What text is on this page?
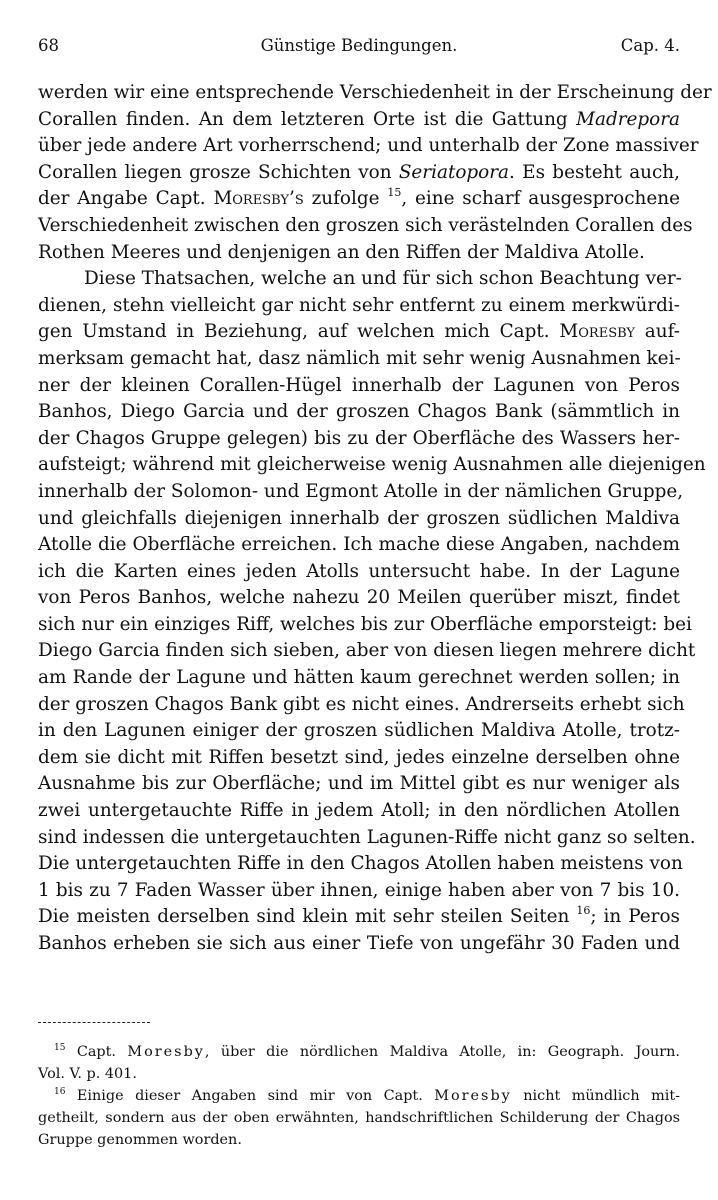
68	Günstige Bedingungen.	Cap. 4.
werden wir eine entsprechende Verschiedenheit in der Erscheinung der
Corallen finden. An dem letzteren Orte ist die Gattung Madrepora
über jede andere Art vorherrschend; und unterhalb der Zone massiver
Corallen liegen grosze Schichten von Seriatopora. Es besteht auch,
der Angabe Capt. Moresby’s zufolge $^{15}$, eine scharf ausgesprochene
Verschiedenheit zwischen den groszen sich verästelnden Corallen des
Rothen Meeres und denjenigen an den Riffen der Maldiva Atolle.
Diese Thatsachen, welche an und für sich schon Beachtung ver-
dienen, stehn vielleicht gar nicht sehr entfernt zu einem merkwürdi-
gen Umstand in Beziehung, auf welchen mich Capt. Moresby auf-
merksam gemacht hat, dasz nämlich mit sehr wenig Ausnahmen kei-
ner der kleinen Corallen-Hügel innerhalb der Lagunen von Peros
Banhos, Diego Garcia und der groszen Chagos Bank (sämmtlich in
der Chagos Gruppe gelegen) bis zu der Oberfläche des Wassers her-
aufsteigt; während mit gleicherweise wenig Ausnahmen alle diejenigen
innerhalb der Solomon- und Egmont Atolle in der nämlichen Gruppe,
und gleichfalls diejenigen innerhalb der groszen südlichen Maldiva
Atolle die Oberfläche erreichen. Ich mache diese Angaben, nachdem
ich die Karten eines jeden Atolls untersucht habe. In der Lagune
von Peros Banhos, welche nahezu 20 Meilen querüber miszt, findet
sich nur ein einziges Riff, welches bis zur Oberfläche emporsteigt: bei
Diego Garcia finden sich sieben, aber von diesen liegen mehrere dicht
am Rande der Lagune und hätten kaum gerechnet werden sollen; in
der groszen Chagos Bank gibt es nicht eines. Andrerseits erhebt sich
in den Lagunen einiger der groszen südlichen Maldiva Atolle, trotz-
dem sie dicht mit Riffen besetzt sind, jedes einzelne derselben ohne
Ausnahme bis zur Oberfläche; und im Mittel gibt es nur weniger als
zwei untergetauchte Riffe in jedem Atoll; in den nördlichen Atollen
sind indessen die untergetauchten Lagunen-Riffe nicht ganz so selten.
Die untergetauchten Riffe in den Chagos Atollen haben meistens von
1 bis zu 7 Faden Wasser über ihnen, einige haben aber von 7 bis 10.
Die meisten derselben sind klein mit sehr steilen Seiten $^{16}$; in Peros
Banhos erheben sie sich aus einer Tiefe von ungefähr 30 Faden und
$^{15}$ Capt. Moresby, über die nördlichen Maldiva Atolle, in: Geograph. Journ.
Vol. V. p. 401.
$^{16}$ Einige dieser Angaben sind mir von Capt. Moresby nicht mündlich mit-
getheilt, sondern aus der oben erwähnten, handschriftlichen Schilderung der Chagos
Gruppe genommen worden.
